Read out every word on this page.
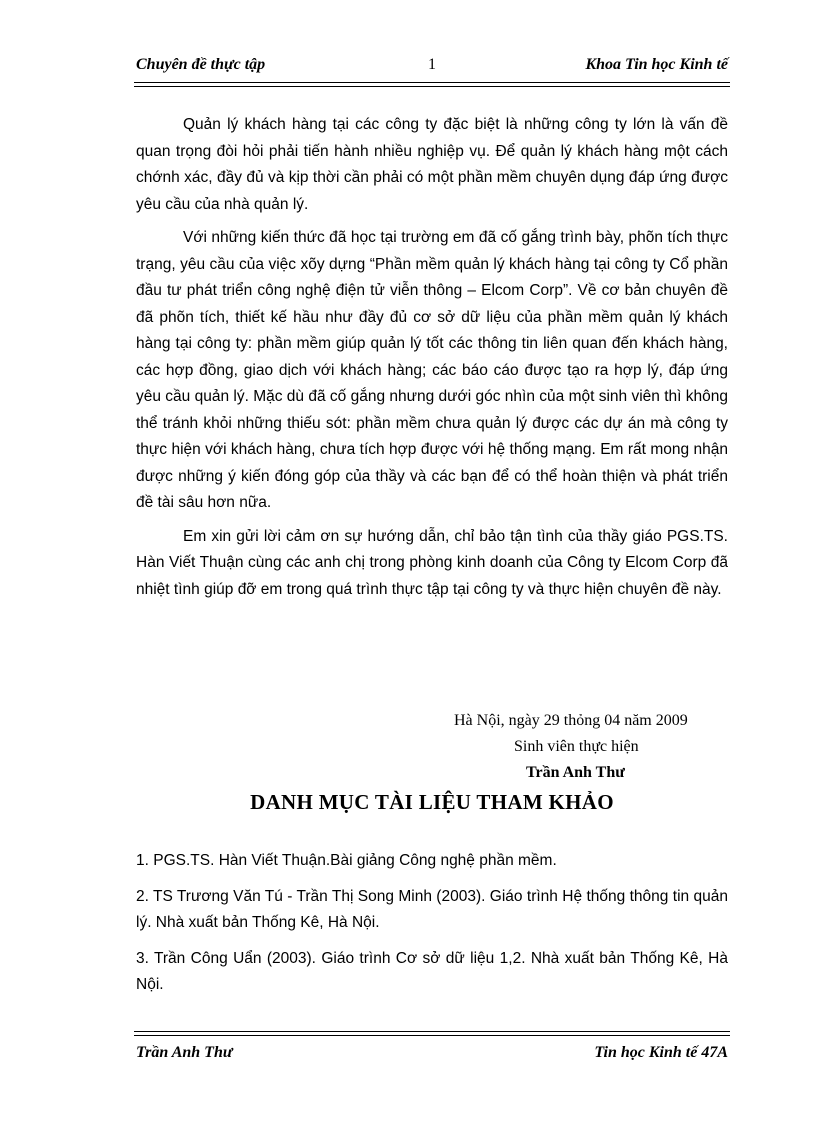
Chuyên đề thực tập	1	Khoa Tin học Kinh tế

Quản lý khách hàng tại các công ty đặc biệt là những công ty lớn là vấn đề quan trọng đòi hỏi phải tiến hành nhiều nghiệp vụ. Để quản lý khách hàng một cách chớnh xác, đầy đủ và kịp thời cần phải có một phần mềm chuyên dụng đáp ứng được yêu cầu của nhà quản lý.

Với những kiến thức đã học tại trường em đã cố gắng trình bày, phõn tích thực trạng, yêu cầu của việc xõy dựng “Phần mềm quản lý khách hàng tại công ty Cổ phần đầu tư phát triển công nghệ điện tử viễn thông – Elcom Corp”. Về cơ bản chuyên đề đã phõn tích, thiết kế hầu như đầy đủ cơ sở dữ liệu của phần mềm quản lý khách hàng tại công ty: phần mềm giúp quản lý tốt các thông tin liên quan đến khách hàng, các hợp đồng, giao dịch với khách hàng; các báo cáo được tạo ra hợp lý, đáp ứng yêu cầu quản lý. Mặc dù đã cố gắng nhưng dưới góc nhìn của một sinh viên thì không thể tránh khỏi những thiếu sót: phần mềm chưa quản lý được các dự án mà công ty thực hiện với khách hàng, chưa tích hợp được với hệ thống mạng. Em rất mong nhận được những ý kiến đóng góp của thầy và các bạn để có thể hoàn thiện và phát triển đề tài sâu hơn nữa.

Em xin gửi lời cảm ơn sự hướng dẫn, chỉ bảo tận tình của thầy giáo PGS.TS. Hàn Viết Thuận cùng các anh chị trong phòng kinh doanh của Công ty Elcom Corp đã nhiệt tình giúp đỡ em trong quá trình thực tập tại công ty và thực hiện chuyên đề này.

Hà Nội, ngày 29 thỏng 04 năm 2009
Sinh viên thực hiện
Trần Anh Thư
DANH MỤC TÀI LIỆU THAM KHẢO

1. PGS.TS. Hàn Viết Thuận.Bài giảng Công nghệ phần mềm.

2. TS Trương Văn Tú - Trần Thị Song Minh (2003). Giáo trình Hệ thống thông tin quản lý. Nhà xuất bản Thống Kê, Hà Nội.

3. Trần Công Uẩn (2003). Giáo trình Cơ sở dữ liệu 1,2. Nhà xuất bản Thống Kê, Hà Nội.

Trần Anh Thư	Tin học Kinh tế 47A
